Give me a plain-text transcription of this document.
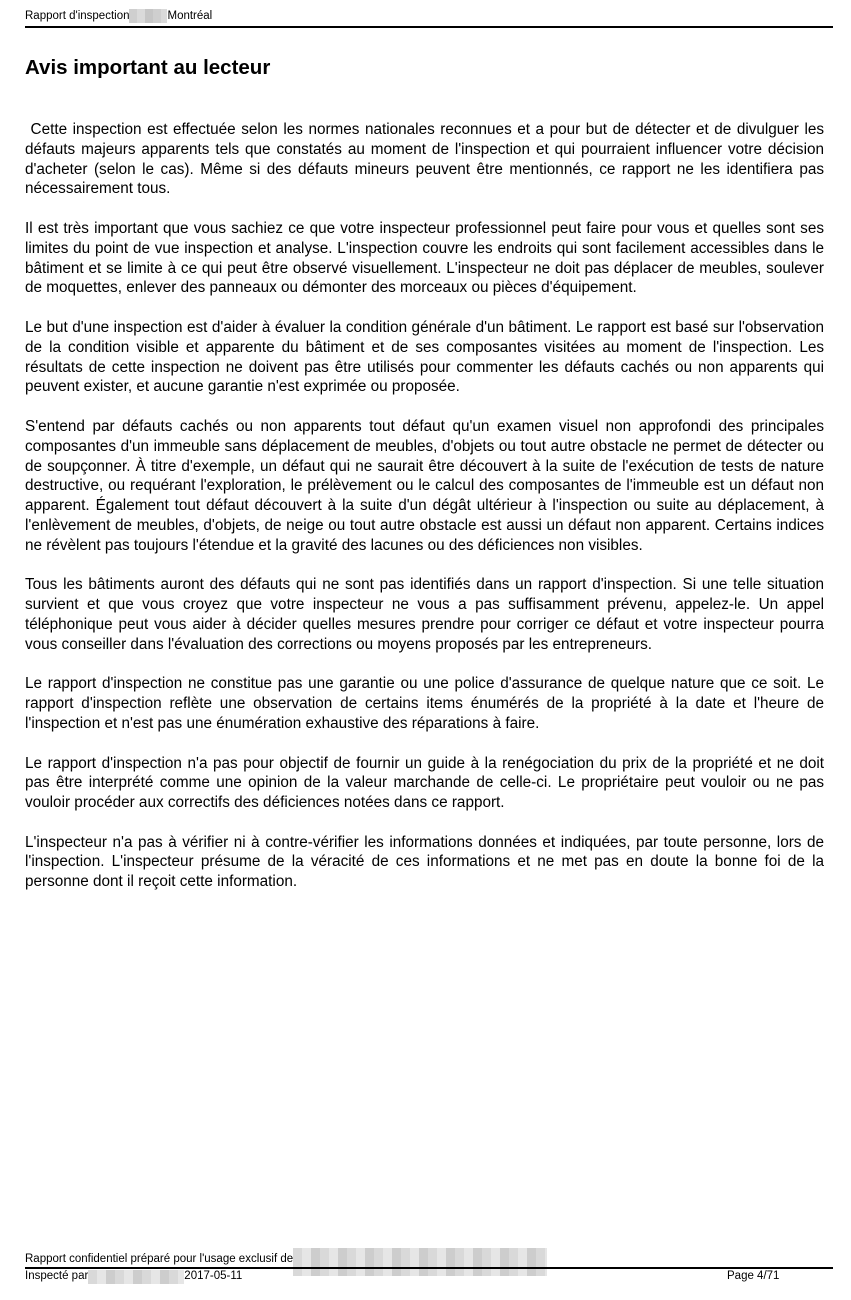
Rapport d'inspection	Montréal
Avis important au lecteur

Cette inspection est effectuée selon les normes nationales reconnues et a pour but de détecter et de divulguer les défauts majeurs apparents tels que constatés au moment de l'inspection et qui pourraient influencer votre décision d'acheter (selon le cas). Même si des défauts mineurs peuvent être mentionnés, ce rapport ne les identifiera pas nécessairement tous.

Il est très important que vous sachiez ce que votre inspecteur professionnel peut faire pour vous et quelles sont ses limites du point de vue inspection et analyse. L'inspection couvre les endroits qui sont facilement accessibles dans le bâtiment et se limite à ce qui peut être observé visuellement. L'inspecteur ne doit pas déplacer de meubles, soulever de moquettes, enlever des panneaux ou démonter des morceaux ou pièces d'équipement.

Le but d'une inspection est d'aider à évaluer la condition générale d'un bâtiment. Le rapport est basé sur l'observation de la condition visible et apparente du bâtiment et de ses composantes visitées au moment de l'inspection. Les résultats de cette inspection ne doivent pas être utilisés pour commenter les défauts cachés ou non apparents qui peuvent exister, et aucune garantie n'est exprimée ou proposée.

S'entend par défauts cachés ou non apparents tout défaut qu'un examen visuel non approfondi des principales composantes d'un immeuble sans déplacement de meubles, d'objets ou tout autre obstacle ne permet de détecter ou de soupçonner. À titre d'exemple, un défaut qui ne saurait être découvert à la suite de l'exécution de tests de nature destructive, ou requérant l'exploration, le prélèvement ou le calcul des composantes de l'immeuble est un défaut non apparent. Également tout défaut découvert à la suite d'un dégât ultérieur à l'inspection ou suite au déplacement, à l'enlèvement de meubles, d'objets, de neige ou tout autre obstacle est aussi un défaut non apparent. Certains indices ne révèlent pas toujours l'étendue et la gravité des lacunes ou des déficiences non visibles.

Tous les bâtiments auront des défauts qui ne sont pas identifiés dans un rapport d'inspection. Si une telle situation survient et que vous croyez que votre inspecteur ne vous a pas suffisamment prévenu, appelez-le. Un appel téléphonique peut vous aider à décider quelles mesures prendre pour corriger ce défaut et votre inspecteur pourra vous conseiller dans l'évaluation des corrections ou moyens proposés par les entrepreneurs.

Le rapport d'inspection ne constitue pas une garantie ou une police d'assurance de quelque nature que ce soit. Le rapport d'inspection reflète une observation de certains items énumérés de la propriété à la date et l'heure de l'inspection et n'est pas une énumération exhaustive des réparations à faire.

Le rapport d'inspection n'a pas pour objectif de fournir un guide à la renégociation du prix de la propriété et ne doit pas être interprété comme une opinion de la valeur marchande de celle-ci. Le propriétaire peut vouloir ou ne pas vouloir procéder aux correctifs des déficiences notées dans ce rapport.

L'inspecteur n'a pas à vérifier ni à contre-vérifier les informations données et indiquées, par toute personne, lors de l'inspection. L'inspecteur présume de la véracité de ces informations et ne met pas en doute la bonne foi de la personne dont il reçoit cette information.

Rapport confidentiel préparé pour l'usage exclusif de
Inspecté par	2017-05-11	Page 4/71
